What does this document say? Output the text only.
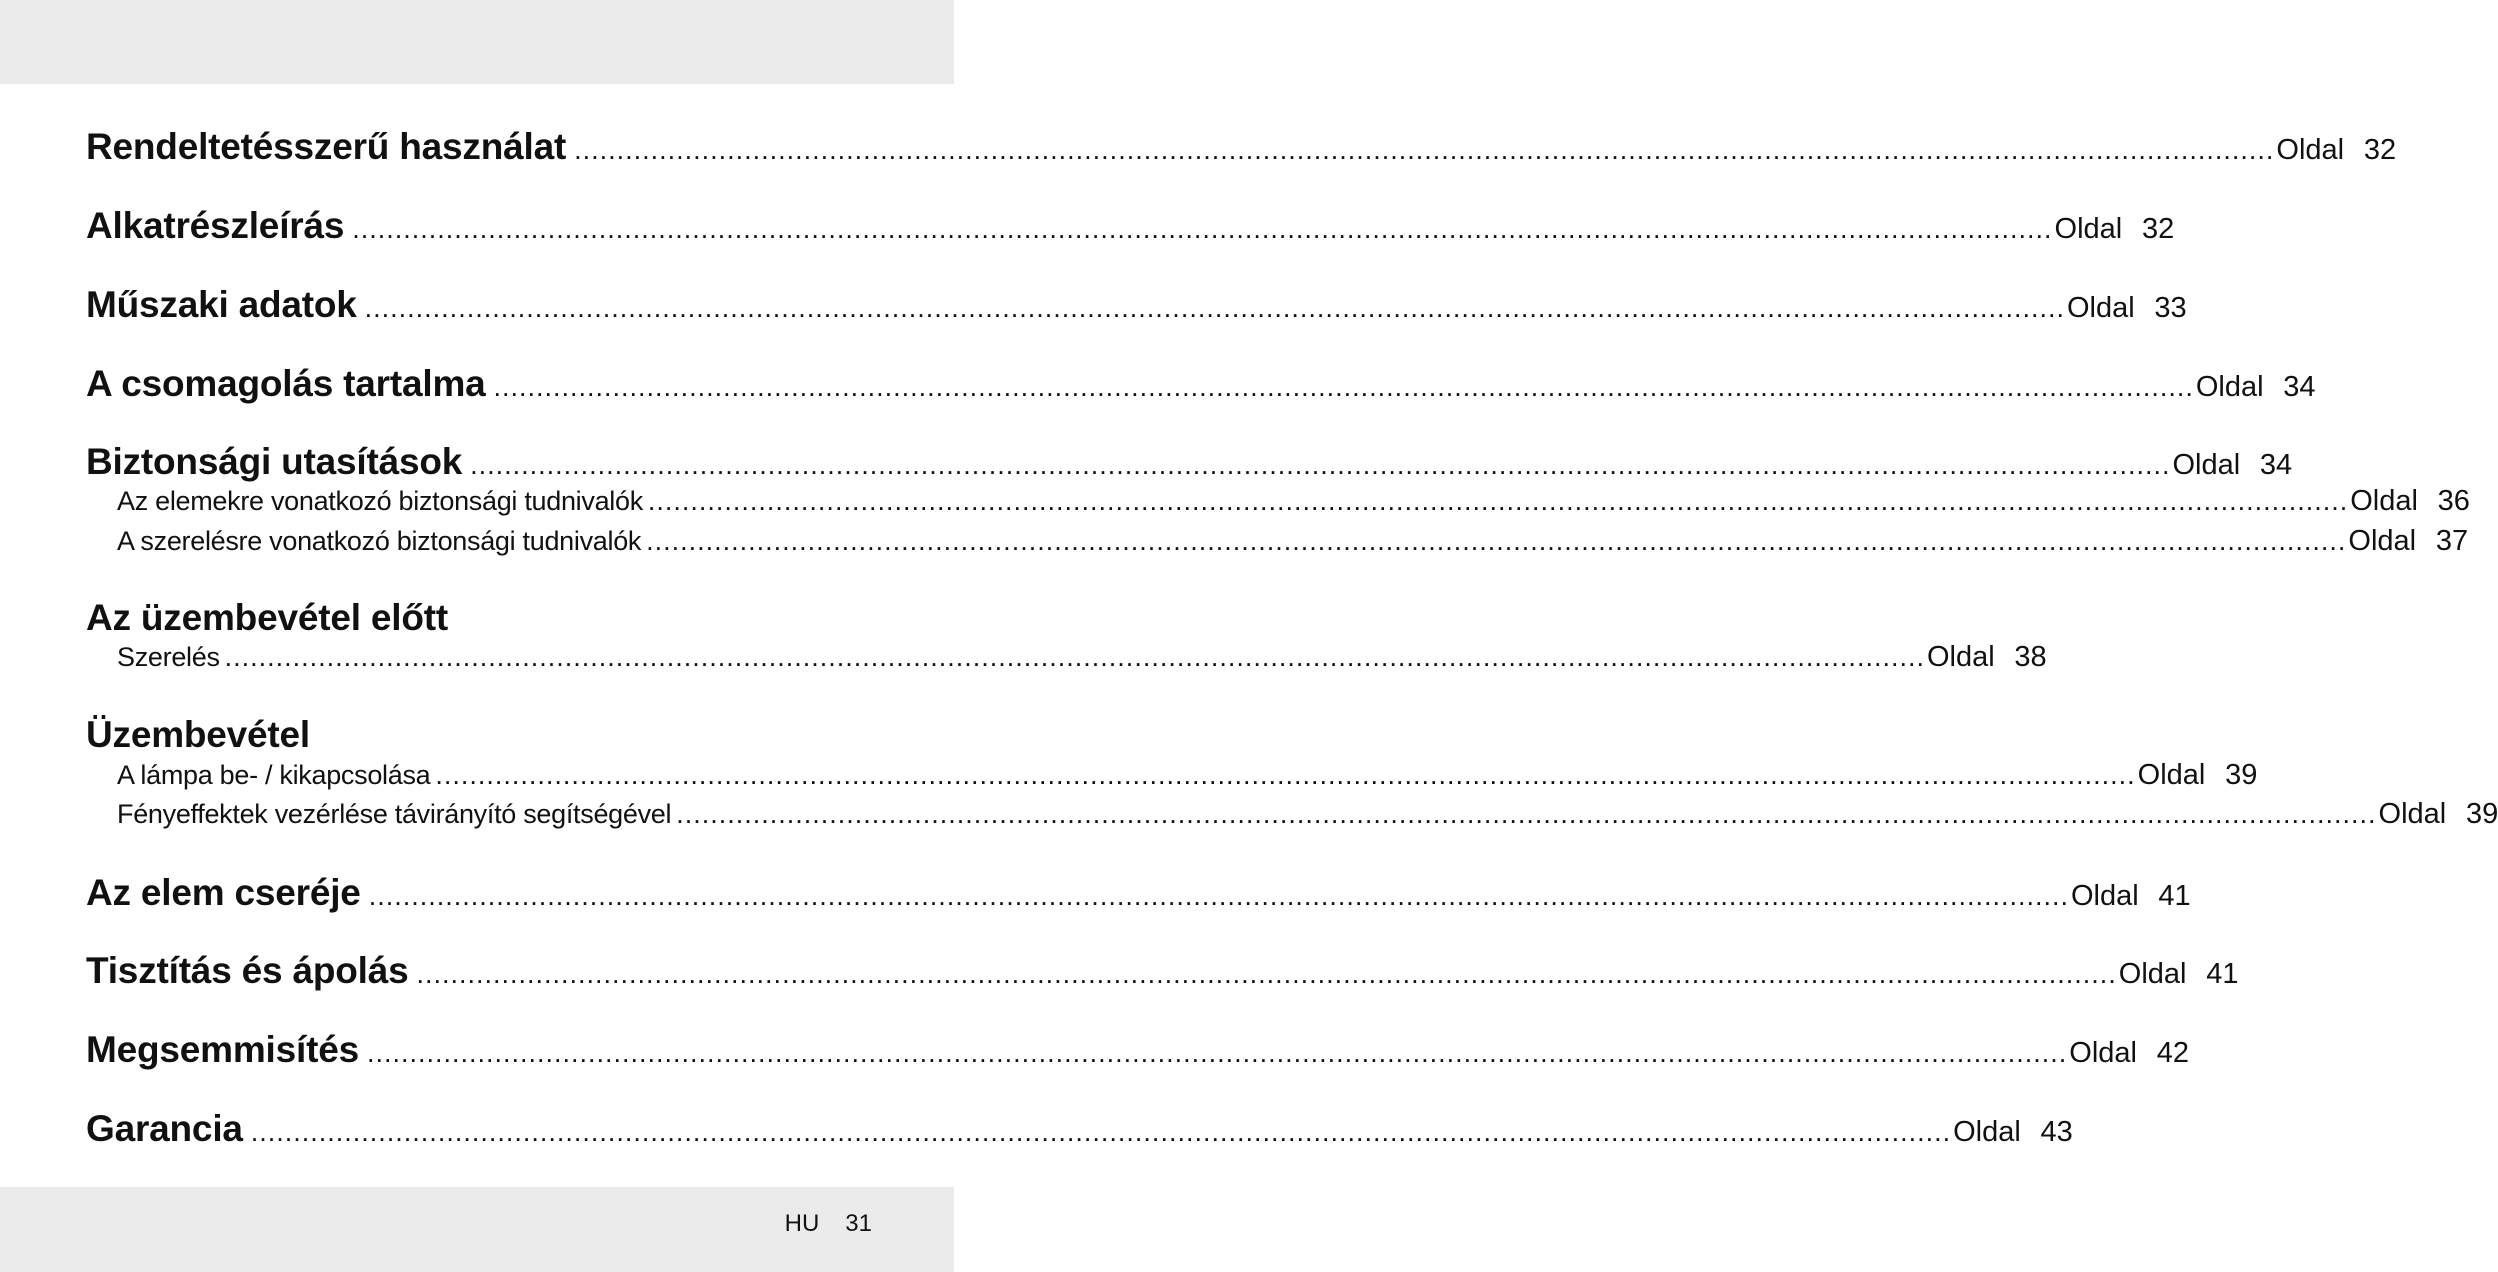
Rendeltetésszerű használat ........................................................................................................................................................................................................ Oldal 32
Alkatrészleírás ........................................................................................................................................................................................................ Oldal 32
Műszaki adatok ........................................................................................................................................................................................................ Oldal 33
A csomagolás tartalma ........................................................................................................................................................................................................ Oldal 34
Biztonsági utasítások ........................................................................................................................................................................................................ Oldal 34
Az elemekre vonatkozó biztonsági tudnivalók ........................................................................................................................................................................................................ Oldal 36
A szerelésre vonatkozó biztonsági tudnivalók ........................................................................................................................................................................................................ Oldal 37
Az üzembevétel előtt
Szerelés ........................................................................................................................................................................................................ Oldal 38
Üzembevétel
A lámpa be- / kikapcsolása ........................................................................................................................................................................................................ Oldal 39
Fényeffektek vezérlése távirányító segítségével ........................................................................................................................................................................................................ Oldal 39
Az elem cseréje ........................................................................................................................................................................................................ Oldal 41
Tisztítás és ápolás ........................................................................................................................................................................................................ Oldal 41
Megsemmisítés ........................................................................................................................................................................................................ Oldal 42
Garancia ........................................................................................................................................................................................................ Oldal 43
HU 31
